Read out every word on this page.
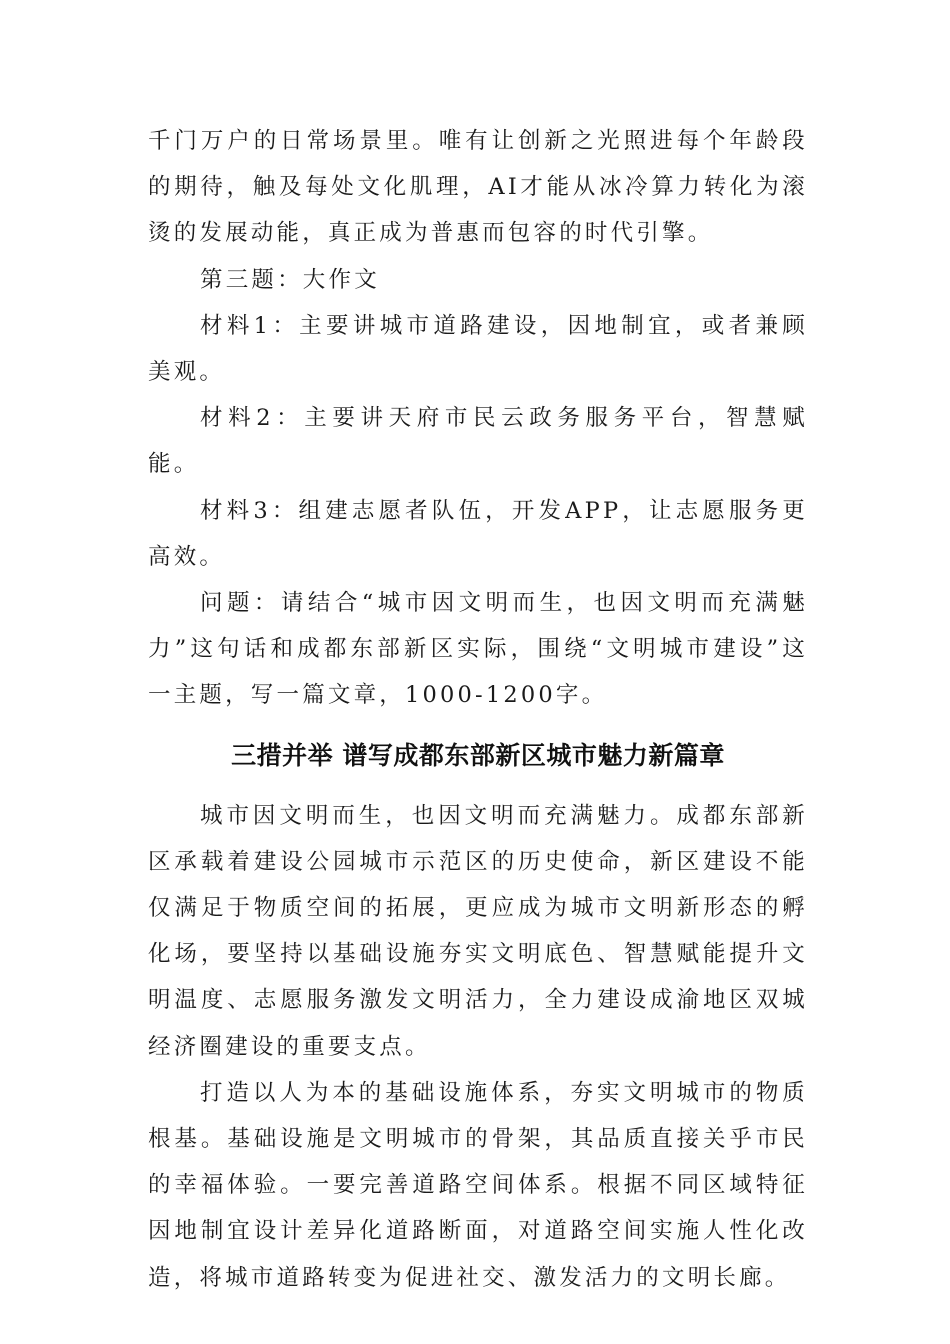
千门万户的日常场景里。唯有让创新之光照进每个年龄段的期待，触及每处文化肌理，AI才能从冰冷算力转化为滚烫的发展动能，真正成为普惠而包容的时代引擎。

第三题：大作文

材料1：主要讲城市道路建设，因地制宜，或者兼顾美观。

材料2：主要讲天府市民云政务服务平台，智慧赋能。

材料3：组建志愿者队伍，开发APP，让志愿服务更高效。

问题：请结合“城市因文明而生，也因文明而充满魅力”这句话和成都东部新区实际，围绕“文明城市建设”这一主题，写一篇文章，1000-1200字。

三措并举 谱写成都东部新区城市魅力新篇章

城市因文明而生，也因文明而充满魅力。成都东部新区承载着建设公园城市示范区的历史使命，新区建设不能仅满足于物质空间的拓展，更应成为城市文明新形态的孵化场，要坚持以基础设施夯实文明底色、智慧赋能提升文明温度、志愿服务激发文明活力，全力建设成渝地区双城经济圈建设的重要支点。

打造以人为本的基础设施体系，夯实文明城市的物质根基。基础设施是文明城市的骨架，其品质直接关乎市民的幸福体验。一要完善道路空间体系。根据不同区域特征因地制宜设计差异化道路断面，对道路空间实施人性化改造，将城市道路转变为促进社交、激发活力的文明长廊。
